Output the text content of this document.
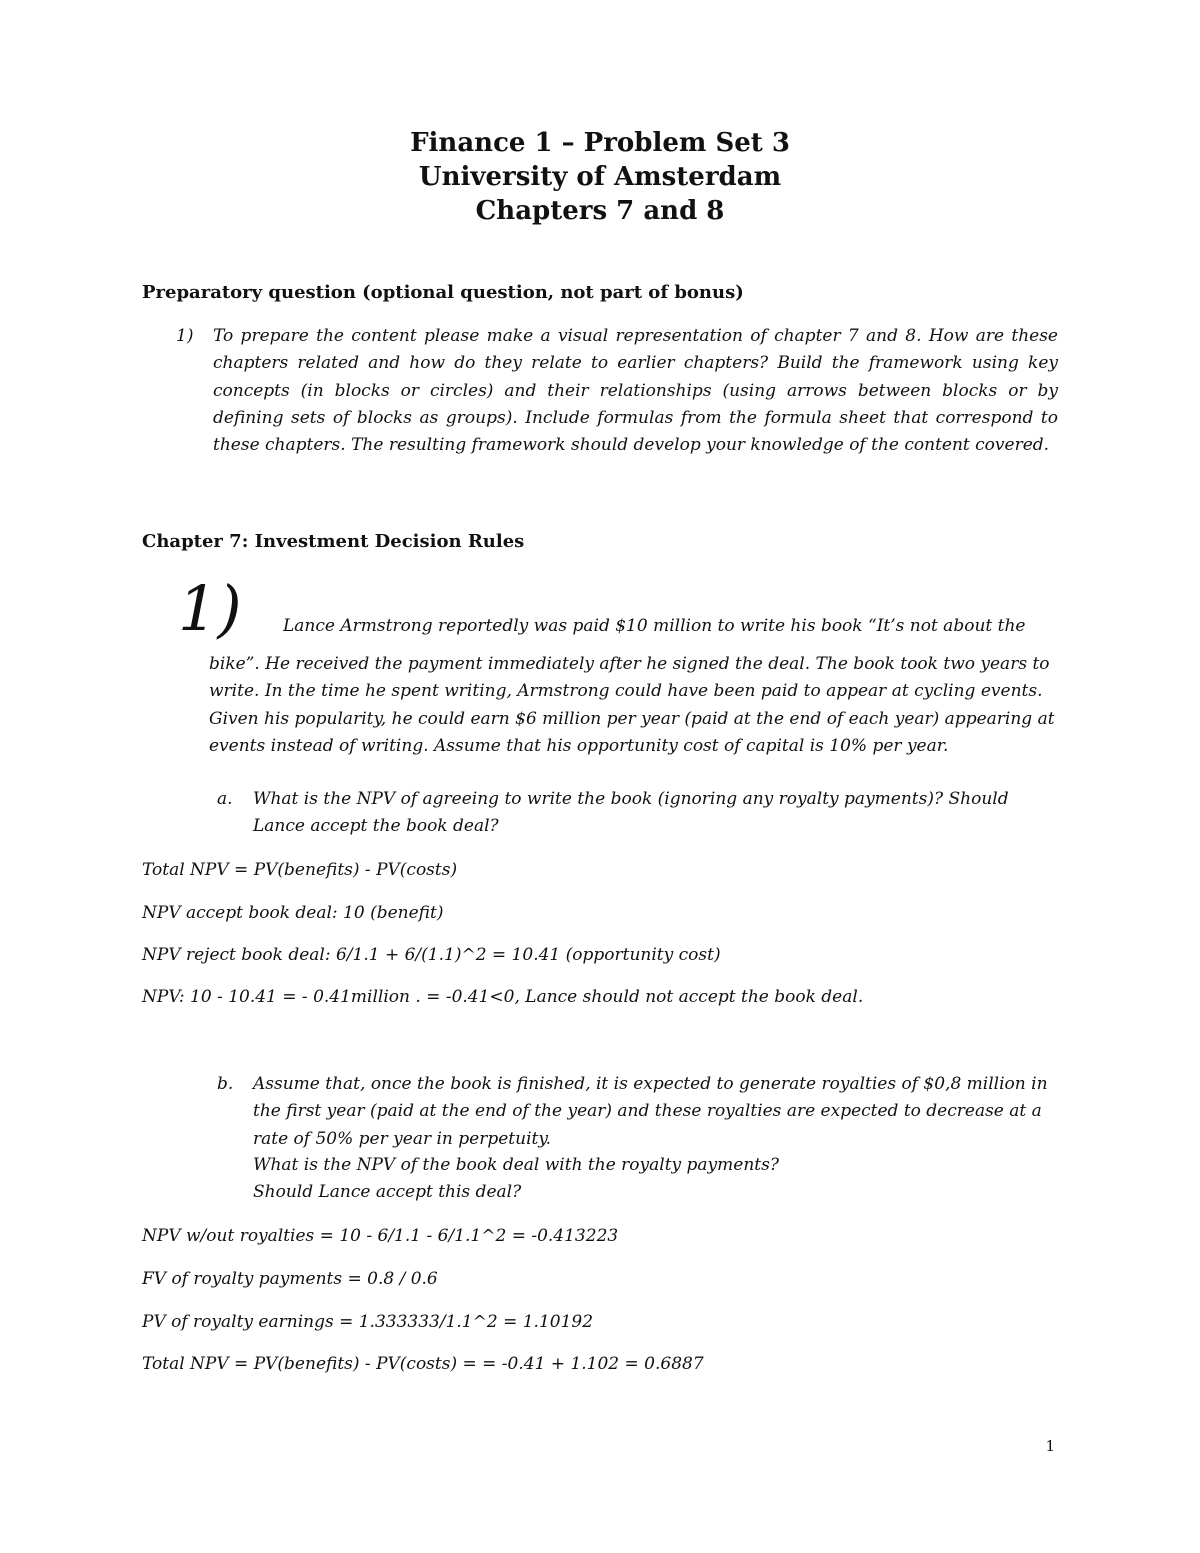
Finance 1 – Problem Set 3
University of Amsterdam
Chapters 7 and 8
Preparatory question (optional question, not part of bonus)
1) To prepare the content please make a visual representation of chapter 7 and 8. How are these chapters related and how do they relate to earlier chapters? Build the framework using key concepts (in blocks or circles) and their relationships (using arrows between blocks or by defining sets of blocks as groups). Include formulas from the formula sheet that correspond to these chapters. The resulting framework should develop your knowledge of the content covered.
Chapter 7: Investment Decision Rules
1) Lance Armstrong reportedly was paid $10 million to write his book “It’s not about the
bike”. He received the payment immediately after he signed the deal. The book took two years to write. In the time he spent writing, Armstrong could have been paid to appear at cycling events. Given his popularity, he could earn $6 million per year (paid at the end of each year) appearing at events instead of writing. Assume that his opportunity cost of capital is 10% per year.
a. What is the NPV of agreeing to write the book (ignoring any royalty payments)? Should Lance accept the book deal?
Total NPV = PV(benefits) - PV(costs)
NPV accept book deal: 10 (benefit)
NPV reject book deal: 6/1.1 + 6/(1.1)^2 = 10.41 (opportunity cost)
NPV: 10 - 10.41 = - 0.41million . = -0.41<0, Lance should not accept the book deal.
b. Assume that, once the book is finished, it is expected to generate royalties of $0,8 million in the first year (paid at the end of the year) and these royalties are expected to decrease at a rate of 50% per year in perpetuity.
What is the NPV of the book deal with the royalty payments?
Should Lance accept this deal?
NPV w/out royalties = 10 - 6/1.1 - 6/1.1^2 = -0.413223
FV of royalty payments = 0.8 / 0.6
PV of royalty earnings = 1.333333/1.1^2 = 1.10192
Total NPV = PV(benefits) - PV(costs) = = -0.41 + 1.102 = 0.6887
1
